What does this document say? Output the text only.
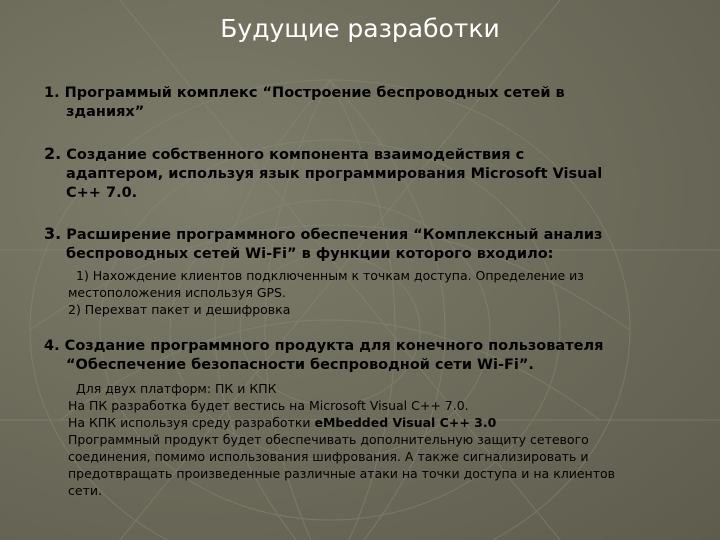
Будущие разработки
1. Программый комплекс “Построение беспроводных сетей в
зданиях”
2. Создание собственного компонента взаимодействия с
адаптером, используя язык программирования Microsoft Visual
C++ 7.0.
3. Расширение программного обеспечения “Комплексный анализ
беспроводных сетей Wi-Fi” в функции которого входило:
1) Нахождение клиентов подключенным к точкам доступа. Определение из
местоположения используя GPS.
2) Перехват пакет и дешифровка
4. Создание программного продукта для конечного пользователя
“Обеспечение безопасности беспроводной сети Wi-Fi”.
Для двух платформ: ПК и КПК
На ПК разработка будет вестись на Microsoft Visual C++ 7.0.
На КПК используя среду разработки eMbedded Visual C++ 3.0
Программный продукт будет обеспечивать дополнительную защиту сетевого
соединения, помимо использования шифрования. А также сигнализировать и
предотвращать произведенные различные атаки на точки доступа и на клиентов
сети.
